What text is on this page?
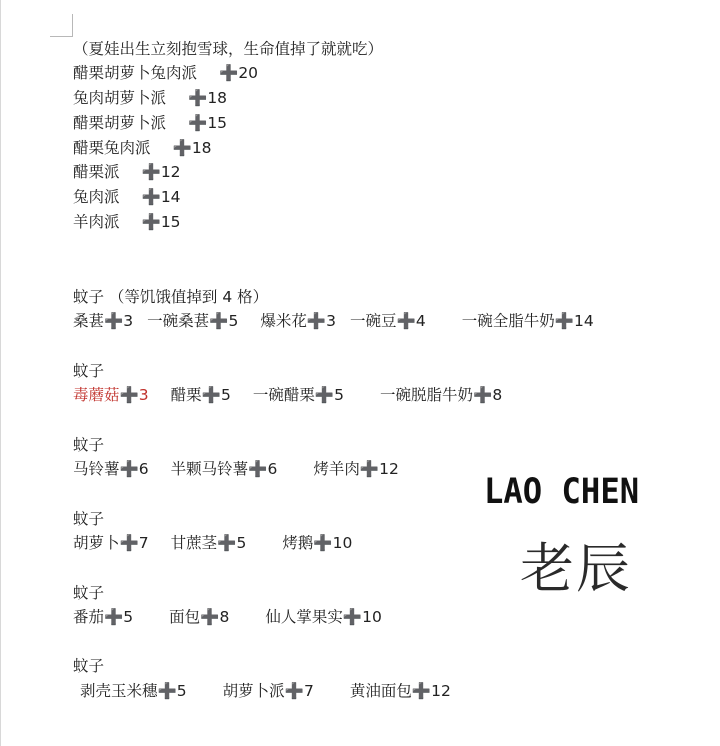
（夏娃出生立刻抱雪球，生命值掉了就就吃）
醋栗胡萝卜兔肉派 ➕20
兔肉胡萝卜派 ➕18
醋栗胡萝卜派 ➕15
醋栗兔肉派 ➕18
醋栗派 ➕12
兔肉派 ➕14
羊肉派 ➕15
蚊子 （等饥饿值掉到 4 格）
桑葚➕3 一碗桑葚➕5 爆米花➕3 一碗豆➕4 一碗全脂牛奶➕14
蚊子
毒蘑菇➕3 醋栗➕5 一碗醋栗➕5 一碗脱脂牛奶➕8
蚊子
马铃薯➕6 半颗马铃薯➕6 烤羊肉➕12
蚊子
胡萝卜➕7 甘蔗茎➕5 烤鹅➕10
蚊子
番茄➕5 面包➕8 仙人掌果实➕10
蚊子
剥壳玉米穗➕5 胡萝卜派➕7 黄油面包➕12
LAO CHEN
老辰
